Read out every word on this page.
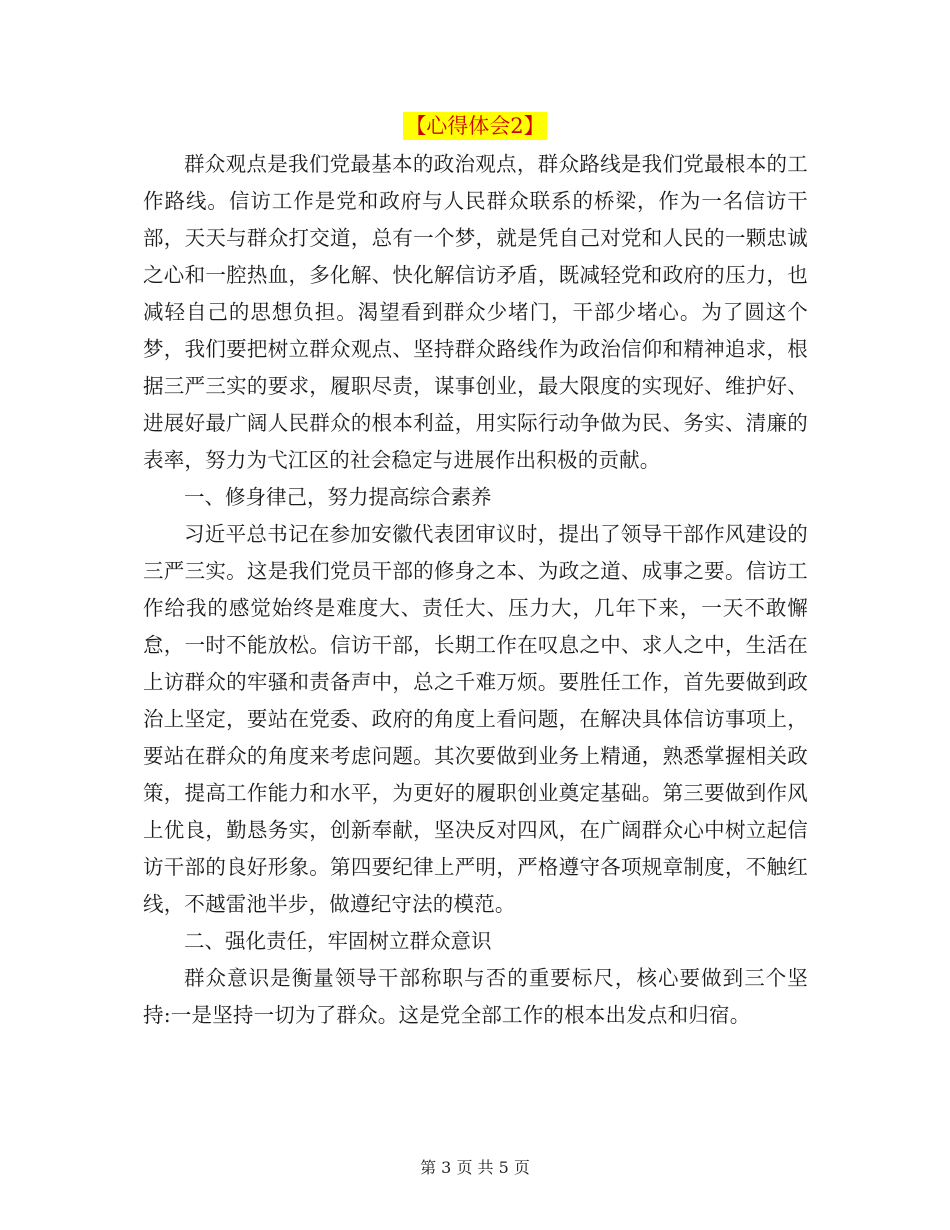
【心得体会2】

群众观点是我们党最基本的政治观点，群众路线是我们党最根本的工作路线。信访工作是党和政府与人民群众联系的桥梁，作为一名信访干部，天天与群众打交道，总有一个梦，就是凭自己对党和人民的一颗忠诚之心和一腔热血，多化解、快化解信访矛盾，既减轻党和政府的压力，也减轻自己的思想负担。渴望看到群众少堵门，干部少堵心。为了圆这个梦，我们要把树立群众观点、坚持群众路线作为政治信仰和精神追求，根据三严三实的要求，履职尽责，谋事创业，最大限度的实现好、维护好、进展好最广阔人民群众的根本利益，用实际行动争做为民、务实、清廉的表率，努力为弋江区的社会稳定与进展作出积极的贡献。

一、修身律己，努力提高综合素养

习近平总书记在参加安徽代表团审议时，提出了领导干部作风建设的三严三实。这是我们党员干部的修身之本、为政之道、成事之要。信访工作给我的感觉始终是难度大、责任大、压力大，几年下来，一天不敢懈怠，一时不能放松。信访干部，长期工作在叹息之中、求人之中，生活在上访群众的牢骚和责备声中，总之千难万烦。要胜任工作，首先要做到政治上坚定，要站在党委、政府的角度上看问题，在解决具体信访事项上，要站在群众的角度来考虑问题。其次要做到业务上精通，熟悉掌握相关政策，提高工作能力和水平，为更好的履职创业奠定基础。第三要做到作风上优良，勤恳务实，创新奉献，坚决反对四风，在广阔群众心中树立起信访干部的良好形象。第四要纪律上严明，严格遵守各项规章制度，不触红线，不越雷池半步，做遵纪守法的模范。

二、强化责任，牢固树立群众意识

群众意识是衡量领导干部称职与否的重要标尺，核心要做到三个坚持:一是坚持一切为了群众。这是党全部工作的根本出发点和归宿。

第 3 页 共 5 页
